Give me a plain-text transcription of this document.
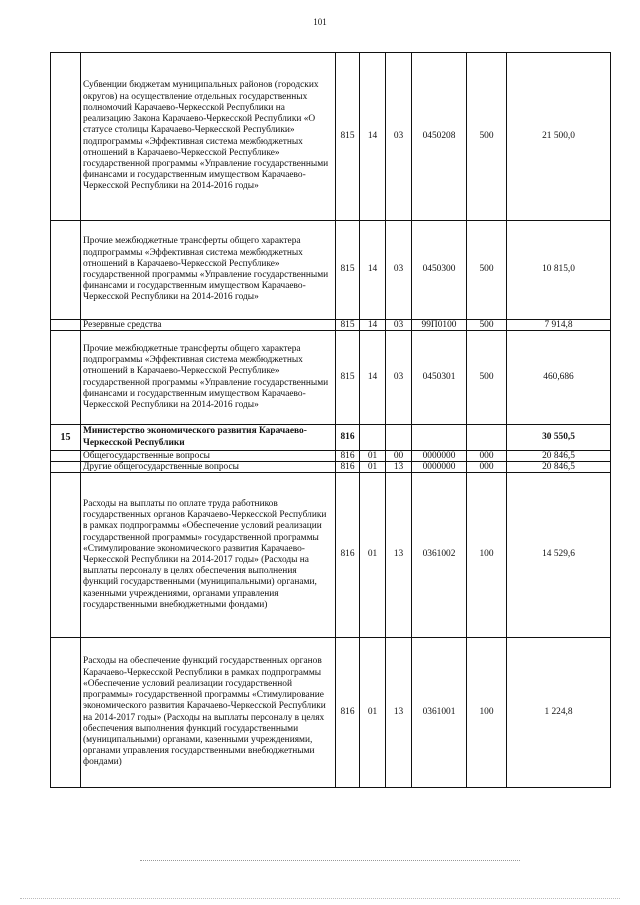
101
	Субвенции бюджетам муниципальных районов (городских округов) на осуществление отдельных государственных полномочий Карачаево-Черкесской Республики на реализацию Закона Карачаево-Черкесской Республики «О статусе столицы Карачаево-Черкесской Республики» подпрограммы «Эффективная система межбюджетных отношений в Карачаево-Черкесской Республике» государственной программы «Управление государственными финансами и государственным имуществом Карачаево-Черкесской Республики на 2014-2016 годы»	815	14	03	0450208	500	21 500,0
	Прочие межбюджетные трансферты общего характера подпрограммы «Эффективная система межбюджетных отношений в Карачаево-Черкесской Республике» государственной программы «Управление государственными финансами и государственным имуществом Карачаево-Черкесской Республики на 2014-2016 годы»	815	14	03	0450300	500	10 815,0
	Резервные средства	815	14	03	99П0100	500	7 914,8
	Прочие межбюджетные трансферты общего характера подпрограммы «Эффективная система межбюджетных отношений в Карачаево-Черкесской Республике» государственной программы «Управление государственными финансами и государственным имуществом Карачаево-Черкесской Республики на 2014-2016 годы»	815	14	03	0450301	500	460,686
15	Министерство экономического развития Карачаево-Черкесской Республики	816					30 550,5
	Общегосударственные вопросы	816	01	00	0000000	000	20 846,5
	Другие общегосударственные вопросы	816	01	13	0000000	000	20 846,5
	Расходы на выплаты по оплате труда работников государственных органов Карачаево-Черкесской Республики в рамках подпрограммы «Обеспечение условий реализации государственной программы» государственной программы «Стимулирование экономического развития Карачаево-Черкесской Республики на 2014-2017 годы» (Расходы на выплаты персоналу в целях обеспечения выполнения функций государственными (муниципальными) органами, казенными учреждениями, органами управления государственными внебюджетными фондами)	816	01	13	0361002	100	14 529,6
	Расходы на обеспечение функций государственных органов Карачаево-Черкесской Республики в рамках подпрограммы «Обеспечение условий реализации государственной программы» государственной программы «Стимулирование экономического развития Карачаево-Черкесской Республики на 2014-2017 годы» (Расходы на выплаты персоналу в целях обеспечения выполнения функций государственными (муниципальными) органами, казенными учреждениями, органами управления государственными внебюджетными фондами)	816	01	13	0361001	100	1 224,8
